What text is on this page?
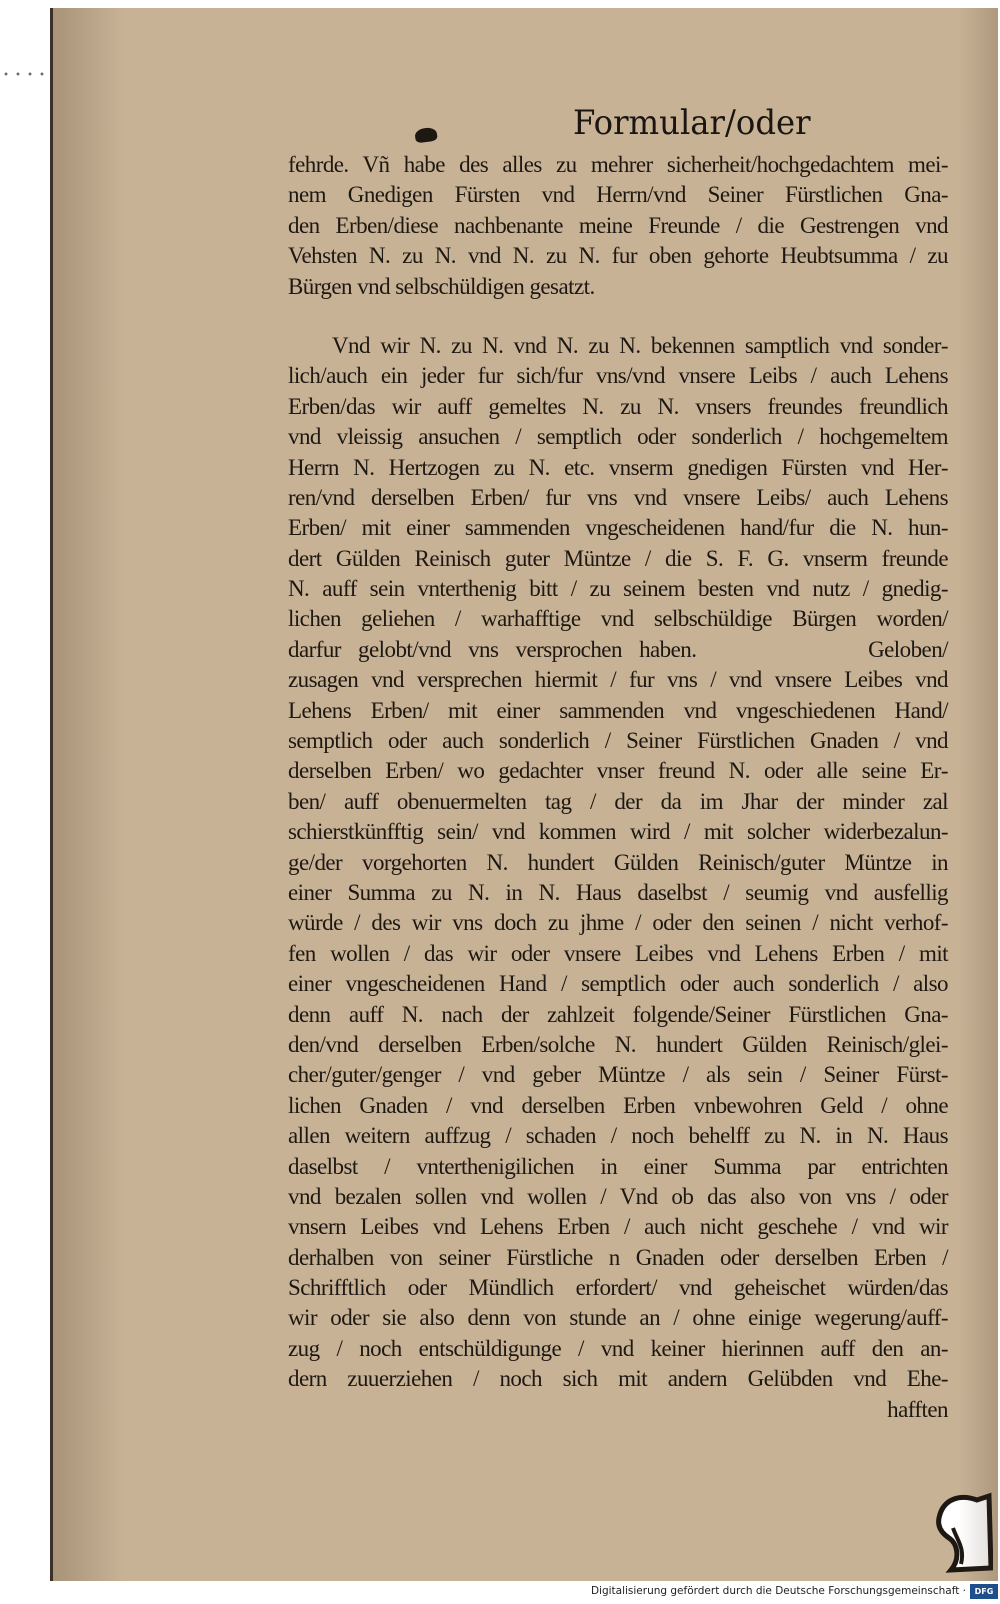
Formular/oder
fehrde. Vñ habe des alles zu mehrer sicherheit/hochgedachtem mei‑
nem Gnedigen Fürsten vnd Herrn/vnd Seiner Fürstlichen Gna‑
den Erben/diese nachbenante meine Freunde / die Gestrengen vnd
Vehsten N. zu N. vnd N. zu N. fur oben gehorte Heubtsumma / zu
Bürgen vnd selbschüldigen gesatzt.
Vnd wir N. zu N. vnd N. zu N. bekennen samptlich vnd sonder‑
lich/auch ein jeder fur sich/fur vns/vnd vnsere Leibs / auch Lehens
Erben/das wir auff gemeltes N. zu N. vnsers freundes freundlich
vnd vleissig ansuchen / semptlich oder sonderlich / hochgemeltem
Herrn N. Hertzogen zu N. etc. vnserm gnedigen Fürsten vnd Her‑
ren/vnd derselben Erben/ fur vns vnd vnsere Leibs/ auch Lehens
Erben/ mit einer sammenden vngescheidenen hand/fur die N. hun‑
dert Gülden Reinisch guter Müntze / die S. F. G. vnserm freunde
N. auff sein vnterthenig bitt / zu seinem besten vnd nutz / gnedig‑
lichen geliehen / warhafftige vnd selbschüldige Bürgen worden/
darfur gelobt/vnd vns versprochen haben.          Geloben/
zusagen vnd versprechen hiermit / fur vns / vnd vnsere Leibes vnd
Lehens Erben/ mit einer sammenden vnd vngeschiedenen Hand/
semptlich oder auch sonderlich / Seiner Fürstlichen Gnaden / vnd
derselben Erben/ wo gedachter vnser freund N. oder alle seine Er‑
ben/ auff obenuermelten tag / der da im Jhar der minder zal
schierstkünfftig sein/ vnd kommen wird / mit solcher widerbezalun‑
ge/der vorgehorten N. hundert Gülden Reinisch/guter Müntze in
einer Summa zu N. in N. Haus daselbst / seumig vnd ausfellig
würde / des wir vns doch zu jhme / oder den seinen / nicht verhof‑
fen wollen / das wir oder vnsere Leibes vnd Lehens Erben / mit
einer vngescheidenen Hand / semptlich oder auch sonderlich / also
denn auff N. nach der zahlzeit folgende/Seiner Fürstlichen Gna‑
den/vnd derselben Erben/solche N. hundert Gülden Reinisch/glei‑
cher/guter/genger / vnd geber Müntze / als sein / Seiner Fürst‑
lichen Gnaden / vnd derselben Erben vnbewohren Geld / ohne
allen weitern auffzug / schaden / noch behelff zu N. in N. Haus
daselbst / vnterthenigilichen in einer Summa par entrichten
vnd bezalen sollen vnd wollen / Vnd ob das also von vns / oder
vnsern Leibes vnd Lehens Erben / auch nicht geschehe / vnd wir
derhalben von seiner Fürstliche n Gnaden oder derselben Erben /
Schrifftlich oder Mündlich erfordert/ vnd geheischet würden/das
wir oder sie also denn von stunde an / ohne einige wegerung/auff‑
zug / noch entschüldigunge / vnd keiner hierinnen auff den an‑
dern zuuerziehen / noch sich mit andern Gelübden vnd Ehe‑
hafften
Digitalisierung gefördert durch die Deutsche Forschungsgemeinschaft ·	DFG
